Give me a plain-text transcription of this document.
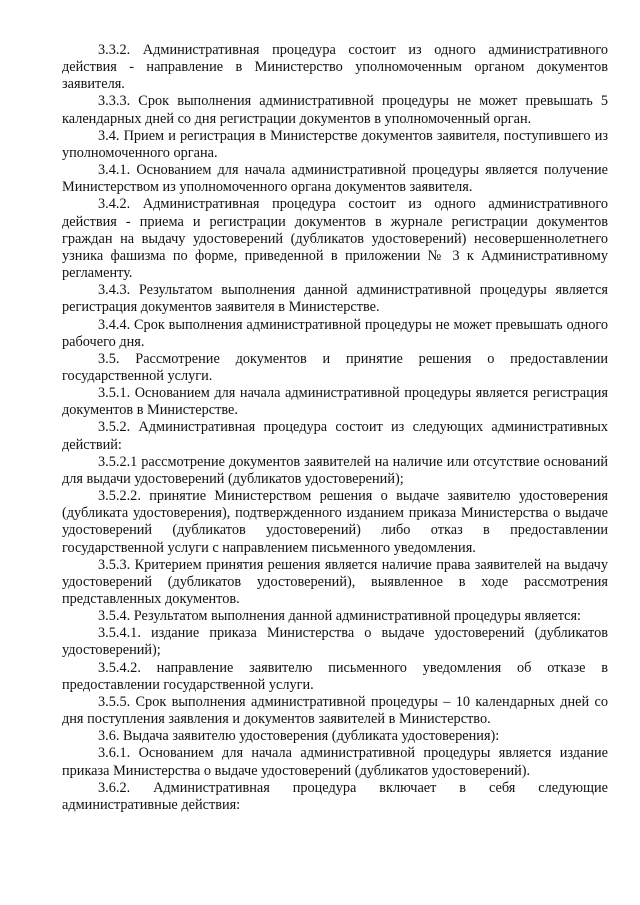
3.3.2. Административная процедура состоит из одного административного действия - направление в Министерство уполномоченным органом документов заявителя.

3.3.3. Срок выполнения административной процедуры не может превышать 5 календарных дней со дня регистрации документов в уполномоченный орган.

3.4. Прием и регистрация в Министерстве документов заявителя, поступившего из уполномоченного органа.

3.4.1. Основанием для начала административной процедуры является получение Министерством из уполномоченного органа документов заявителя.

3.4.2. Административная процедура состоит из одного административного действия - приема и регистрации документов в журнале регистрации документов граждан на выдачу удостоверений (дубликатов удостоверений) несовершеннолетнего узника фашизма по форме, приведенной в приложении № 3 к Административному регламенту.

3.4.3. Результатом выполнения данной административной процедуры является регистрация документов заявителя в Министерстве.

3.4.4. Срок выполнения административной процедуры не может превышать одного рабочего дня.

3.5. Рассмотрение документов и принятие решения о предоставлении государственной услуги.

3.5.1. Основанием для начала административной процедуры является регистрация документов в Министерстве.

3.5.2. Административная процедура состоит из следующих административных действий:

3.5.2.1 рассмотрение документов заявителей на наличие или отсутствие оснований для выдачи удостоверений (дубликатов удостоверений);

3.5.2.2. принятие Министерством решения о выдаче заявителю удостоверения (дубликата удостоверения), подтвержденного изданием приказа Министерства о выдаче удостоверений (дубликатов удостоверений) либо отказ в предоставлении государственной услуги с направлением письменного уведомления.

3.5.3. Критерием принятия решения является наличие права заявителей на выдачу удостоверений (дубликатов удостоверений), выявленное в ходе рассмотрения представленных документов.

3.5.4. Результатом выполнения данной административной процедуры является:

3.5.4.1. издание приказа Министерства о выдаче удостоверений (дубликатов удостоверений);

3.5.4.2. направление заявителю письменного уведомления об отказе в предоставлении государственной услуги.

3.5.5. Срок выполнения административной процедуры – 10 календарных дней со дня поступления заявления и документов заявителей в Министерство.

3.6. Выдача заявителю удостоверения (дубликата удостоверения):

3.6.1. Основанием для начала административной процедуры является издание приказа Министерства о выдаче удостоверений (дубликатов удостоверений).

3.6.2. Административная процедура включает в себя следующие административные действия:
